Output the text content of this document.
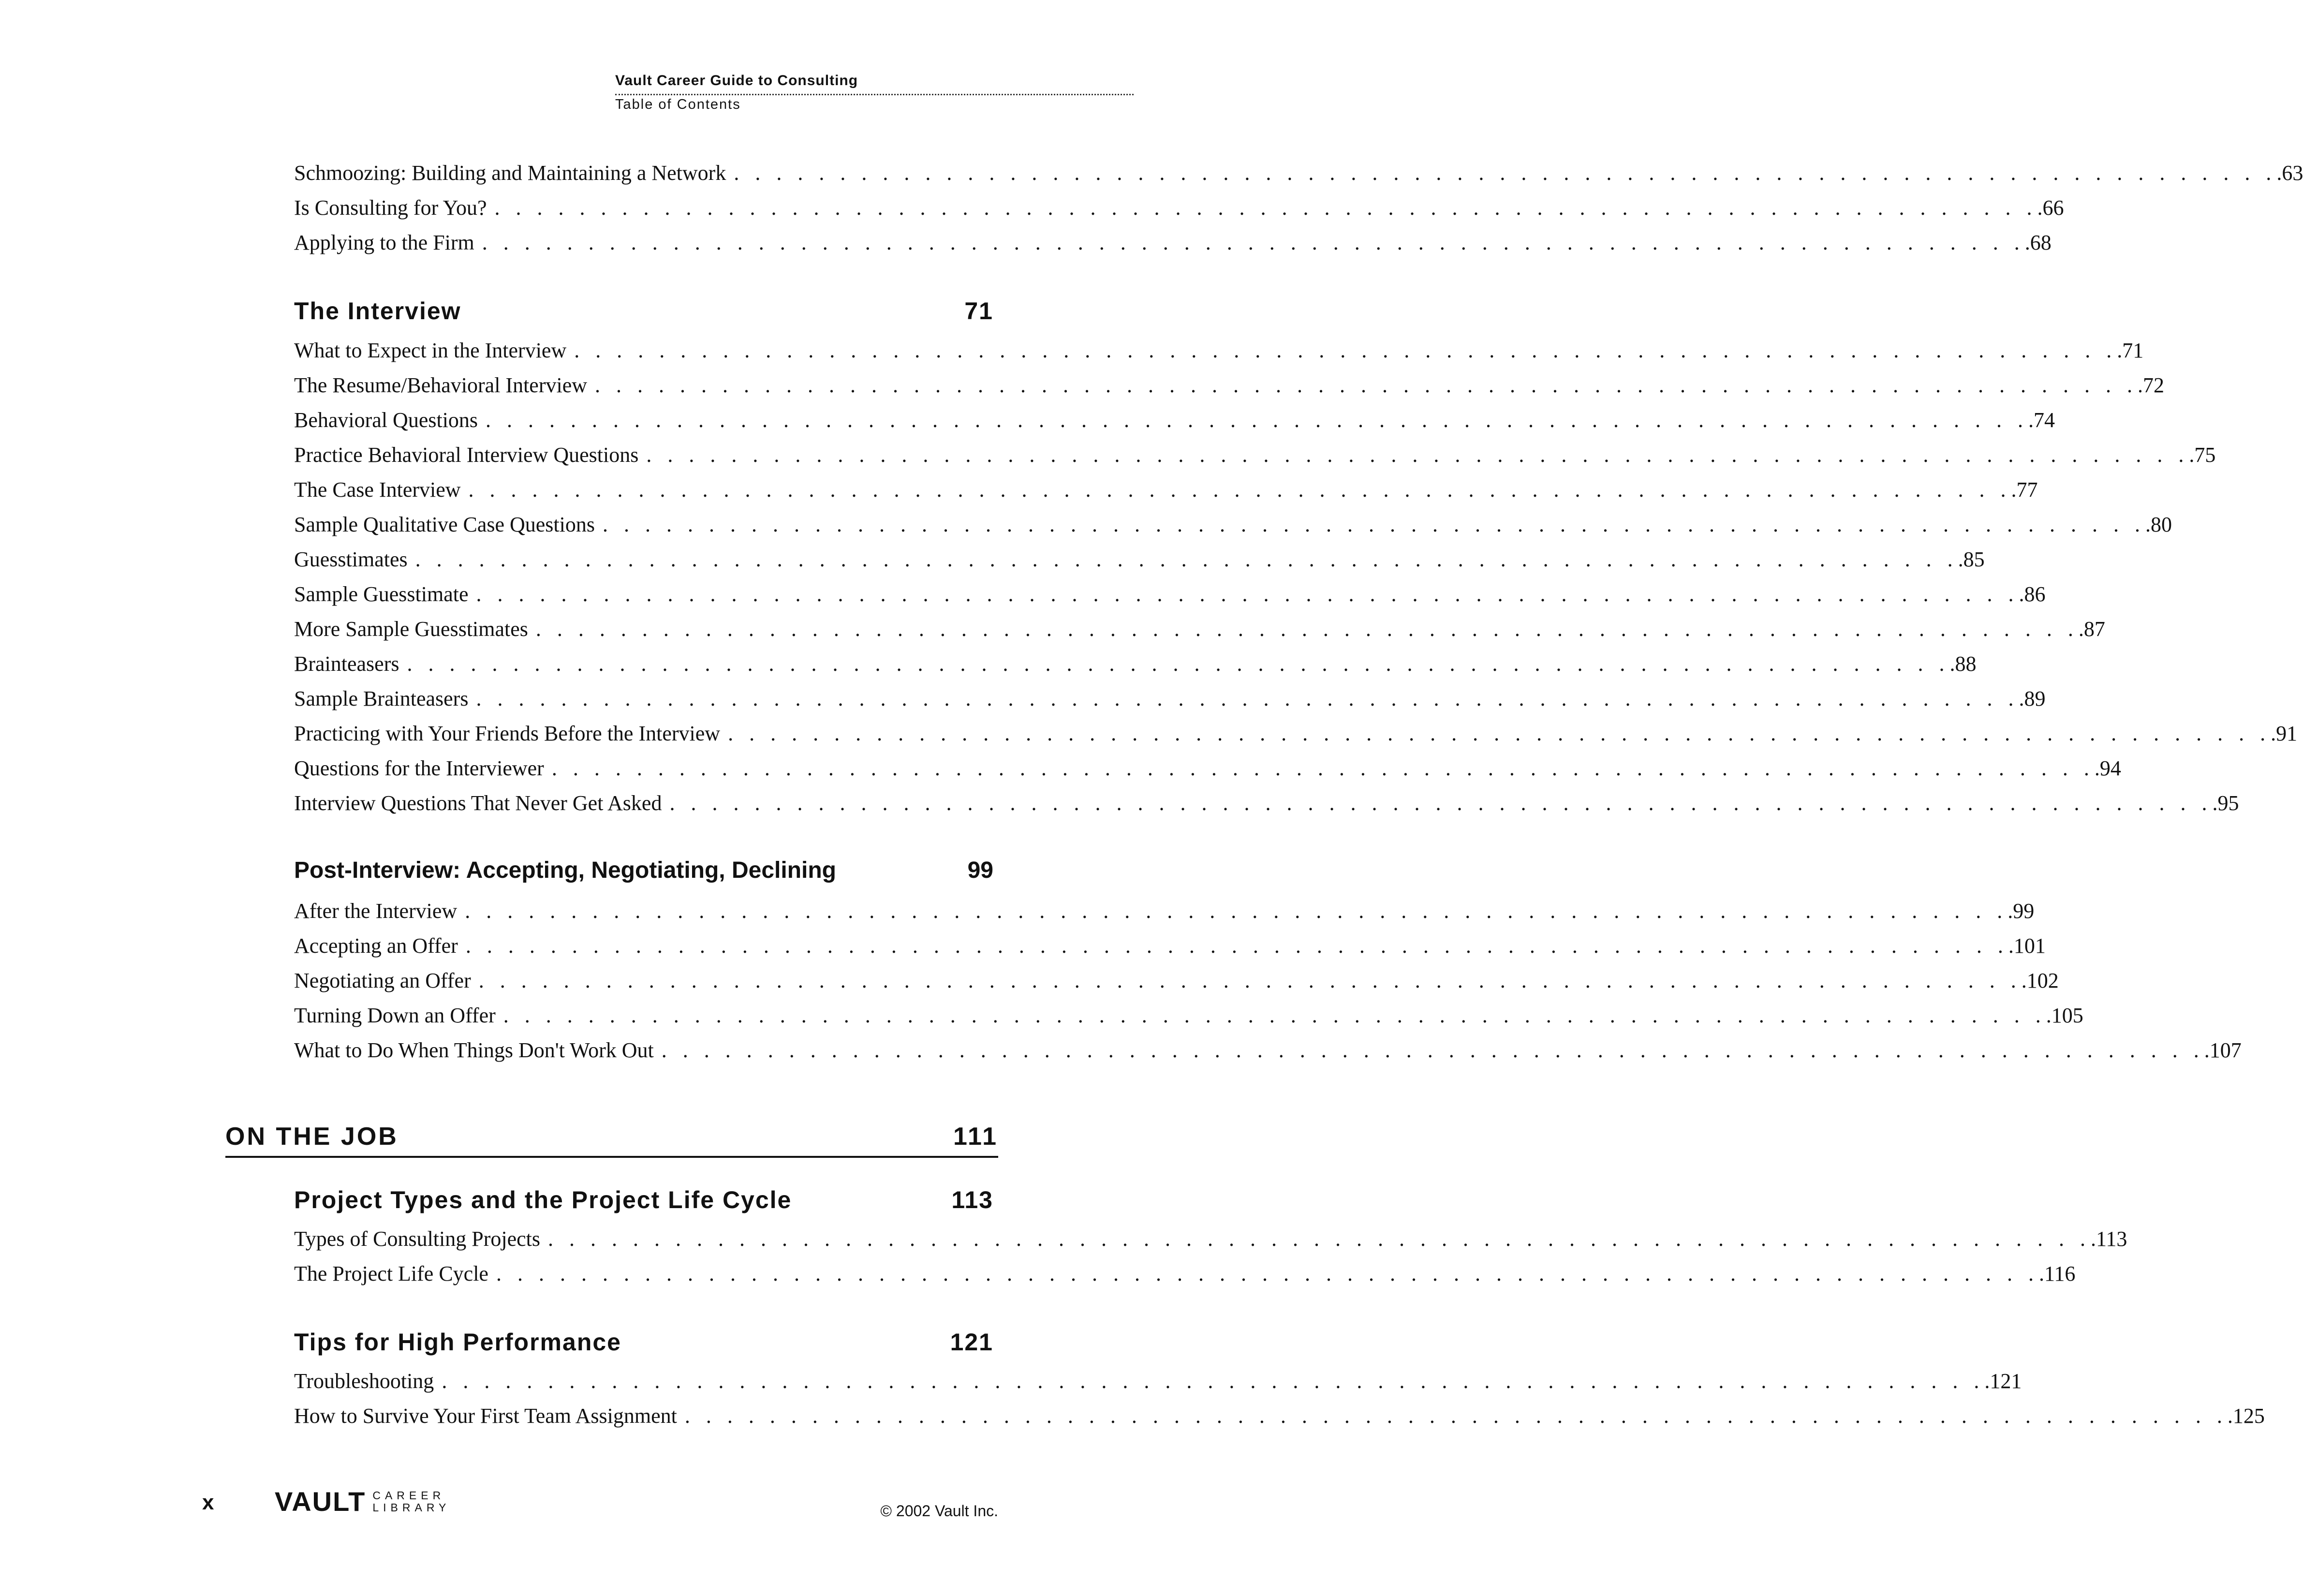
Vault Career Guide to Consulting
Table of Contents
Schmoozing: Building and Maintaining a Network . . . . . . . . . . . . . . . . . . . . . . . . . . . . . . . . . . . . . . . . . . . . . . . . . . . . . . . . . . . . . . . . . . . . . . . . . .63
Is Consulting for You? . . . . . . . . . . . . . . . . . . . . . . . . . . . . . . . . . . . . . . . . . . . . . . . . . . . . . . . . . . . . . . . . . . . . . . . . . .66
Applying to the Firm . . . . . . . . . . . . . . . . . . . . . . . . . . . . . . . . . . . . . . . . . . . . . . . . . . . . . . . . . . . . . . . . . . . . . . . . . .68
The Interview	71
What to Expect in the Interview . . . . . . . . . . . . . . . . . . . . . . . . . . . . . . . . . . . . . . . . . . . . . . . . . . . . . . . . . . . . . . . . . . . . . . . . . .71
The Resume/Behavioral Interview . . . . . . . . . . . . . . . . . . . . . . . . . . . . . . . . . . . . . . . . . . . . . . . . . . . . . . . . . . . . . . . . . . . . . . . . . .72
Behavioral Questions . . . . . . . . . . . . . . . . . . . . . . . . . . . . . . . . . . . . . . . . . . . . . . . . . . . . . . . . . . . . . . . . . . . . . . . . . .74
Practice Behavioral Interview Questions . . . . . . . . . . . . . . . . . . . . . . . . . . . . . . . . . . . . . . . . . . . . . . . . . . . . . . . . . . . . . . . . . . . . . . . . . .75
The Case Interview . . . . . . . . . . . . . . . . . . . . . . . . . . . . . . . . . . . . . . . . . . . . . . . . . . . . . . . . . . . . . . . . . . . . . . . . . .77
Sample Qualitative Case Questions . . . . . . . . . . . . . . . . . . . . . . . . . . . . . . . . . . . . . . . . . . . . . . . . . . . . . . . . . . . . . . . . . . . . . . . . . .80
Guesstimates . . . . . . . . . . . . . . . . . . . . . . . . . . . . . . . . . . . . . . . . . . . . . . . . . . . . . . . . . . . . . . . . . . . . . . . . . .85
Sample Guesstimate . . . . . . . . . . . . . . . . . . . . . . . . . . . . . . . . . . . . . . . . . . . . . . . . . . . . . . . . . . . . . . . . . . . . . . . . . .86
More Sample Guesstimates . . . . . . . . . . . . . . . . . . . . . . . . . . . . . . . . . . . . . . . . . . . . . . . . . . . . . . . . . . . . . . . . . . . . . . . . . .87
Brainteasers . . . . . . . . . . . . . . . . . . . . . . . . . . . . . . . . . . . . . . . . . . . . . . . . . . . . . . . . . . . . . . . . . . . . . . . . . .88
Sample Brainteasers . . . . . . . . . . . . . . . . . . . . . . . . . . . . . . . . . . . . . . . . . . . . . . . . . . . . . . . . . . . . . . . . . . . . . . . . . .89
Practicing with Your Friends Before the Interview . . . . . . . . . . . . . . . . . . . . . . . . . . . . . . . . . . . . . . . . . . . . . . . . . . . . . . . . . . . . . . . . . . . . . . . . . .91
Questions for the Interviewer . . . . . . . . . . . . . . . . . . . . . . . . . . . . . . . . . . . . . . . . . . . . . . . . . . . . . . . . . . . . . . . . . . . . . . . . . .94
Interview Questions That Never Get Asked . . . . . . . . . . . . . . . . . . . . . . . . . . . . . . . . . . . . . . . . . . . . . . . . . . . . . . . . . . . . . . . . . . . . . . . . . .95
Post-Interview: Accepting, Negotiating, Declining	99
After the Interview . . . . . . . . . . . . . . . . . . . . . . . . . . . . . . . . . . . . . . . . . . . . . . . . . . . . . . . . . . . . . . . . . . . . . . . . . .99
Accepting an Offer . . . . . . . . . . . . . . . . . . . . . . . . . . . . . . . . . . . . . . . . . . . . . . . . . . . . . . . . . . . . . . . . . . . . . . . . . .101
Negotiating an Offer . . . . . . . . . . . . . . . . . . . . . . . . . . . . . . . . . . . . . . . . . . . . . . . . . . . . . . . . . . . . . . . . . . . . . . . . . .102
Turning Down an Offer . . . . . . . . . . . . . . . . . . . . . . . . . . . . . . . . . . . . . . . . . . . . . . . . . . . . . . . . . . . . . . . . . . . . . . . . . .105
What to Do When Things Don't Work Out . . . . . . . . . . . . . . . . . . . . . . . . . . . . . . . . . . . . . . . . . . . . . . . . . . . . . . . . . . . . . . . . . . . . . . . . . .107
ON THE JOB	111
Project Types and the Project Life Cycle	113
Types of Consulting Projects . . . . . . . . . . . . . . . . . . . . . . . . . . . . . . . . . . . . . . . . . . . . . . . . . . . . . . . . . . . . . . . . . . . . . . . . . .113
The Project Life Cycle . . . . . . . . . . . . . . . . . . . . . . . . . . . . . . . . . . . . . . . . . . . . . . . . . . . . . . . . . . . . . . . . . . . . . . . . . .116
Tips for High Performance	121
Troubleshooting . . . . . . . . . . . . . . . . . . . . . . . . . . . . . . . . . . . . . . . . . . . . . . . . . . . . . . . . . . . . . . . . . . . . . . . . . .121
How to Survive Your First Team Assignment . . . . . . . . . . . . . . . . . . . . . . . . . . . . . . . . . . . . . . . . . . . . . . . . . . . . . . . . . . . . . . . . . . . . . . . . . .125
x VAULT CAREER
LIBRARY	© 2002 Vault Inc.
